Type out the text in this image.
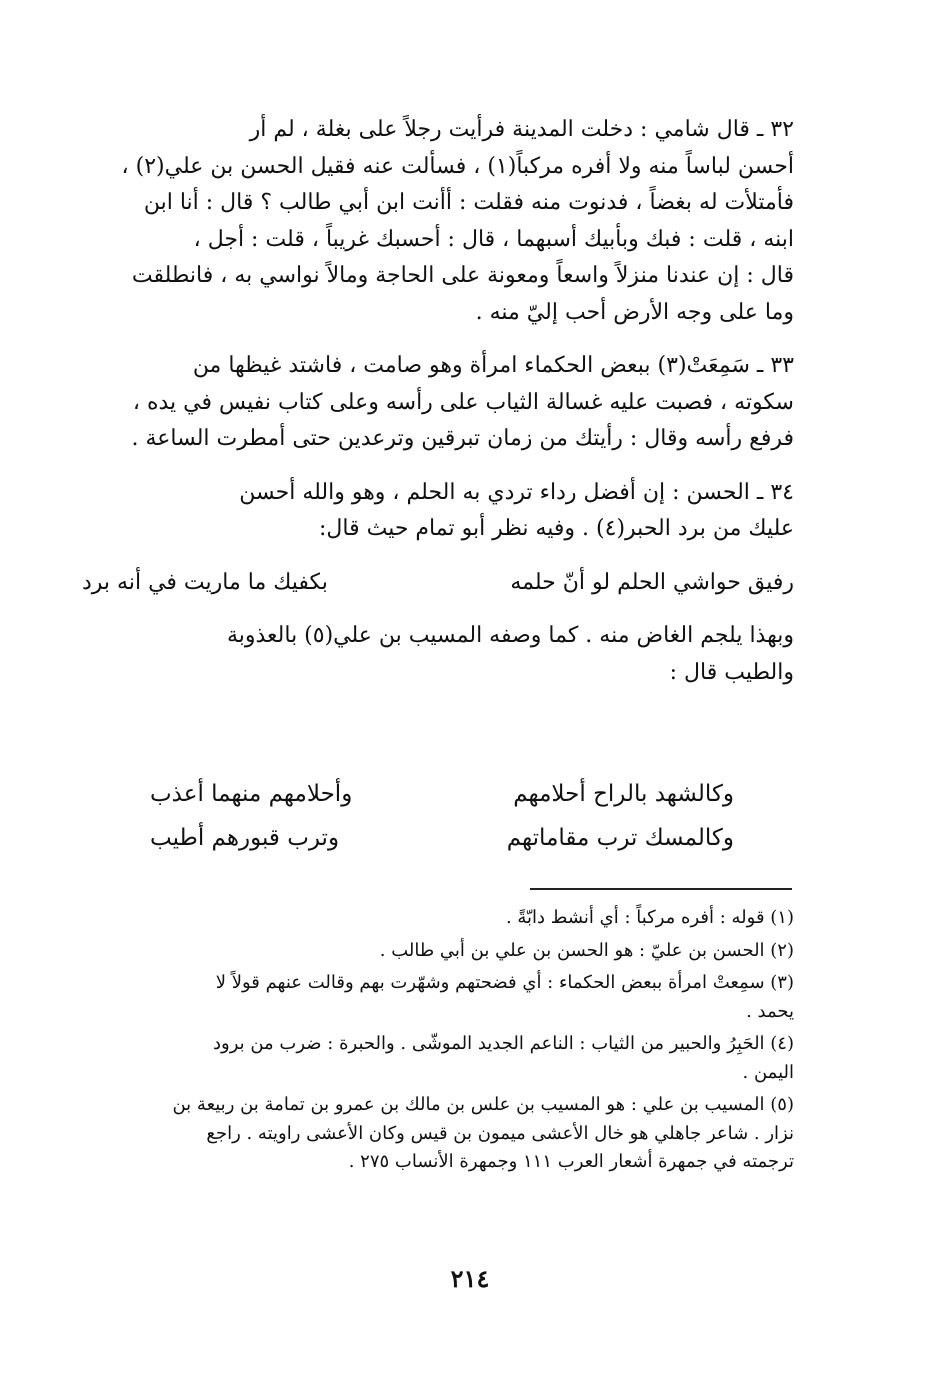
٣٢ ـ قال شامي : دخلت المدينة فرأيت رجلاً على بغلة ، لم أر

أحسن لباساً منه ولا أفره مركباً(١) ، فسألت عنه فقيل الحسن بن علي(٢) ،

فأمتلأت له بغضاً ، فدنوت منه فقلت : أأنت ابن أبي طالب ؟ قال : أنا ابن

ابنه ، قلت : فبك وبأبيك أسبهما ، قال : أحسبك غريباً ، قلت : أجل ،

قال : إن عندنا منزلاً واسعاً ومعونة على الحاجة ومالاً نواسي به ، فانطلقت

وما على وجه الأرض أحب إليّ منه .

٣٣ ـ سَمِعَتْ(٣) ببعض الحكماء امرأة وهو صامت ، فاشتد غيظها من

سكوته ، فصبت عليه غسالة الثياب على رأسه وعلى كتاب نفيس في يده ،

فرفع رأسه وقال : رأيتك من زمان تبرقين وترعدين حتى أمطرت الساعة .

٣٤ ـ الحسن : إن أفضل رداء تردي به الحلم ، وهو والله أحسن

عليك من برد الحبر(٤) . وفيه نظر أبو تمام حيث قال:

رفيق حواشي الحلم لو أنّ حلمه
بكفيك ما ماريت في أنه برد

وبهذا يلجم الغاض منه . كما وصفه المسيب بن علي(٥) بالعذوبة

والطيب قال :

وكالشهد بالراح أحلامهم
وأحلامهم منهما أعذب
وكالمسك ترب مقاماتهم
وترب قبورهم أطيب
(١) قوله : أفره مركباً : أي أنشط دابّةً .
(٢) الحسن بن عليّ : هو الحسن بن علي بن أبي طالب .
(٣) سمِعتْ امرأة ببعض الحكماء : أي فضحتهم وشهّرت بهم وقالت عنهم قولاً لا
يحمد .
(٤) الحَبِرُ والحبير من الثياب : الناعم الجديد الموشّى . والحبرة : ضرب من برود
اليمن .
(٥) المسيب بن علي : هو المسيب بن علس بن مالك بن عمرو بن تمامة بن ربيعة بن
نزار . شاعر جاهلي هو خال الأعشى ميمون بن قيس وكان الأعشى راويته . راجع
ترجمته في جمهرة أشعار العرب ١١١ وجمهرة الأنساب ٢٧٥ .
٢١٤
